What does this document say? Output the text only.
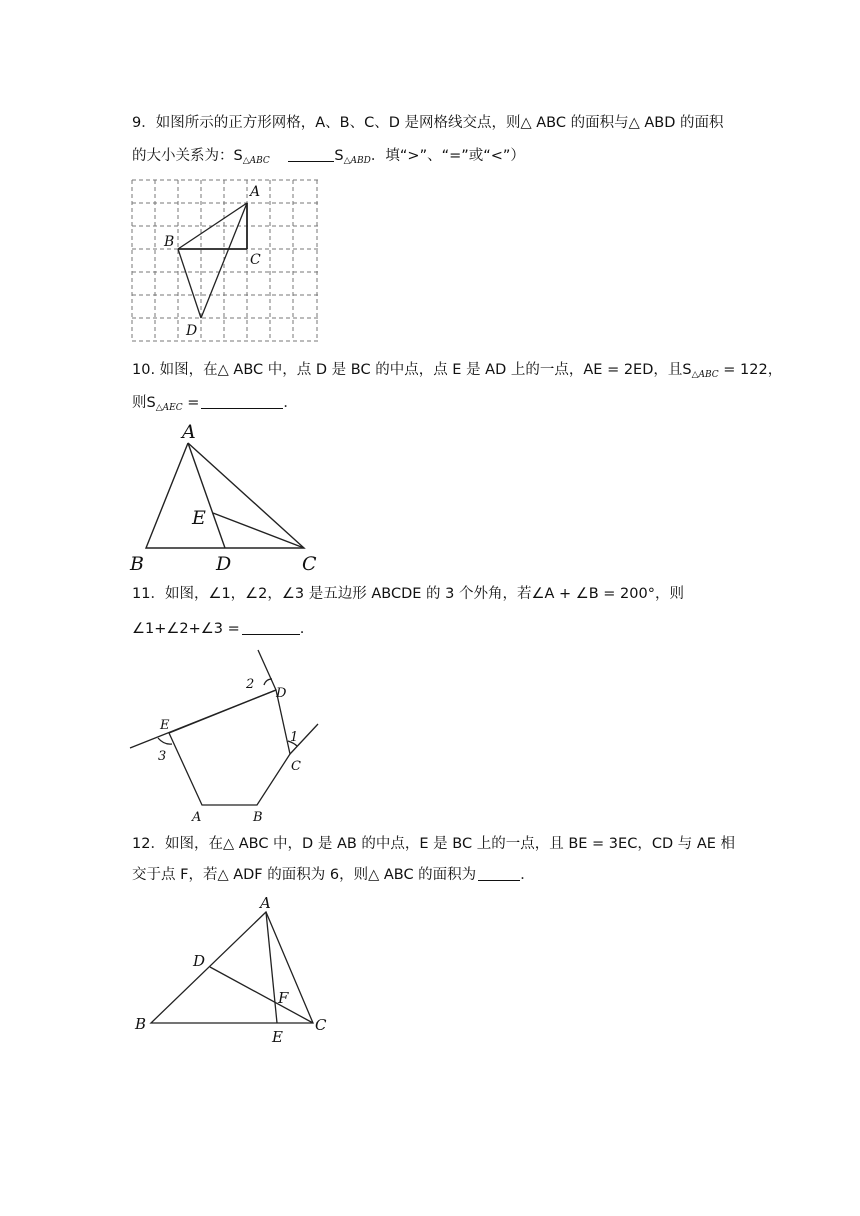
9．如图所示的正方形网格，A、B、C、D 是网格线交点，则△ ABC 的面积与△ ABD 的面积
的大小关系为：$S_{\triangle ABC}$	$S_{\triangle ABD}$．填“>”、“=”或“<”）
A
B
C
D
10. 如图，在△ ABC 中，点 D 是 BC 的中点，点 E 是 AD 上的一点，AE = 2ED，且$S_{\triangle ABC} = 122$，
则$S_{\triangle AEC}$ =	．
A
B	C
D
E
11．如图，∠1，∠2，∠3 是五边形 ABCDE 的 3 个外角，若∠A + ∠B = 200°，则
∠1+∠2+∠3 =	.
2
1
3
D
E
C
A	B
12．如图，在△ ABC 中，D 是 AB 的中点，E 是 BC 上的一点，且 BE = 3EC，CD 与 AE 相
交于点 F，若△ ADF 的面积为 6，则△ ABC 的面积为	．
A
B	C
D
E
F
